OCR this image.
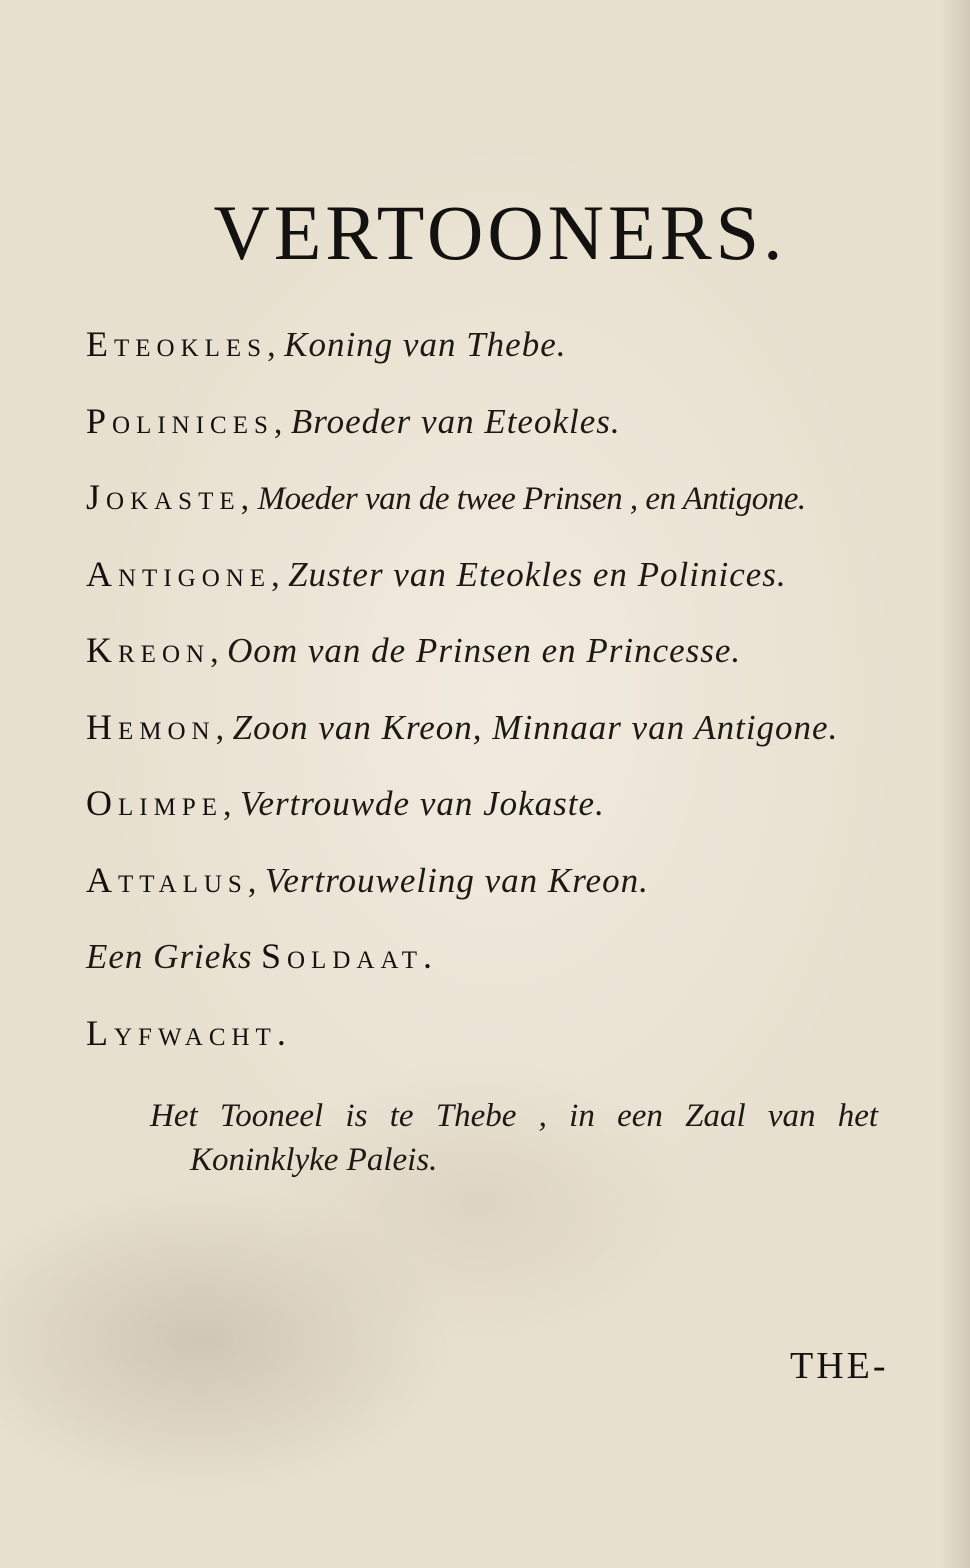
VERTOONERS.
Eteokles, Koning van Thebe.
Polinices, Broeder van Eteokles.
Jokaste, Moeder van de twee Prinsen , en Antigone.
Antigone, Zuster van Eteokles en Polinices.
Kreon, Oom van de Prinsen en Princesse.
Hemon, Zoon van Kreon, Minnaar van Antigone.
Olimpe, Vertrouwde van Jokaste.
Attalus, Vertrouweling van Kreon.
Een Grieks Soldaat.
Lyfwacht.

Het Tooneel is te Thebe , in een Zaal van het
Koninklyke Paleis.

THE-
